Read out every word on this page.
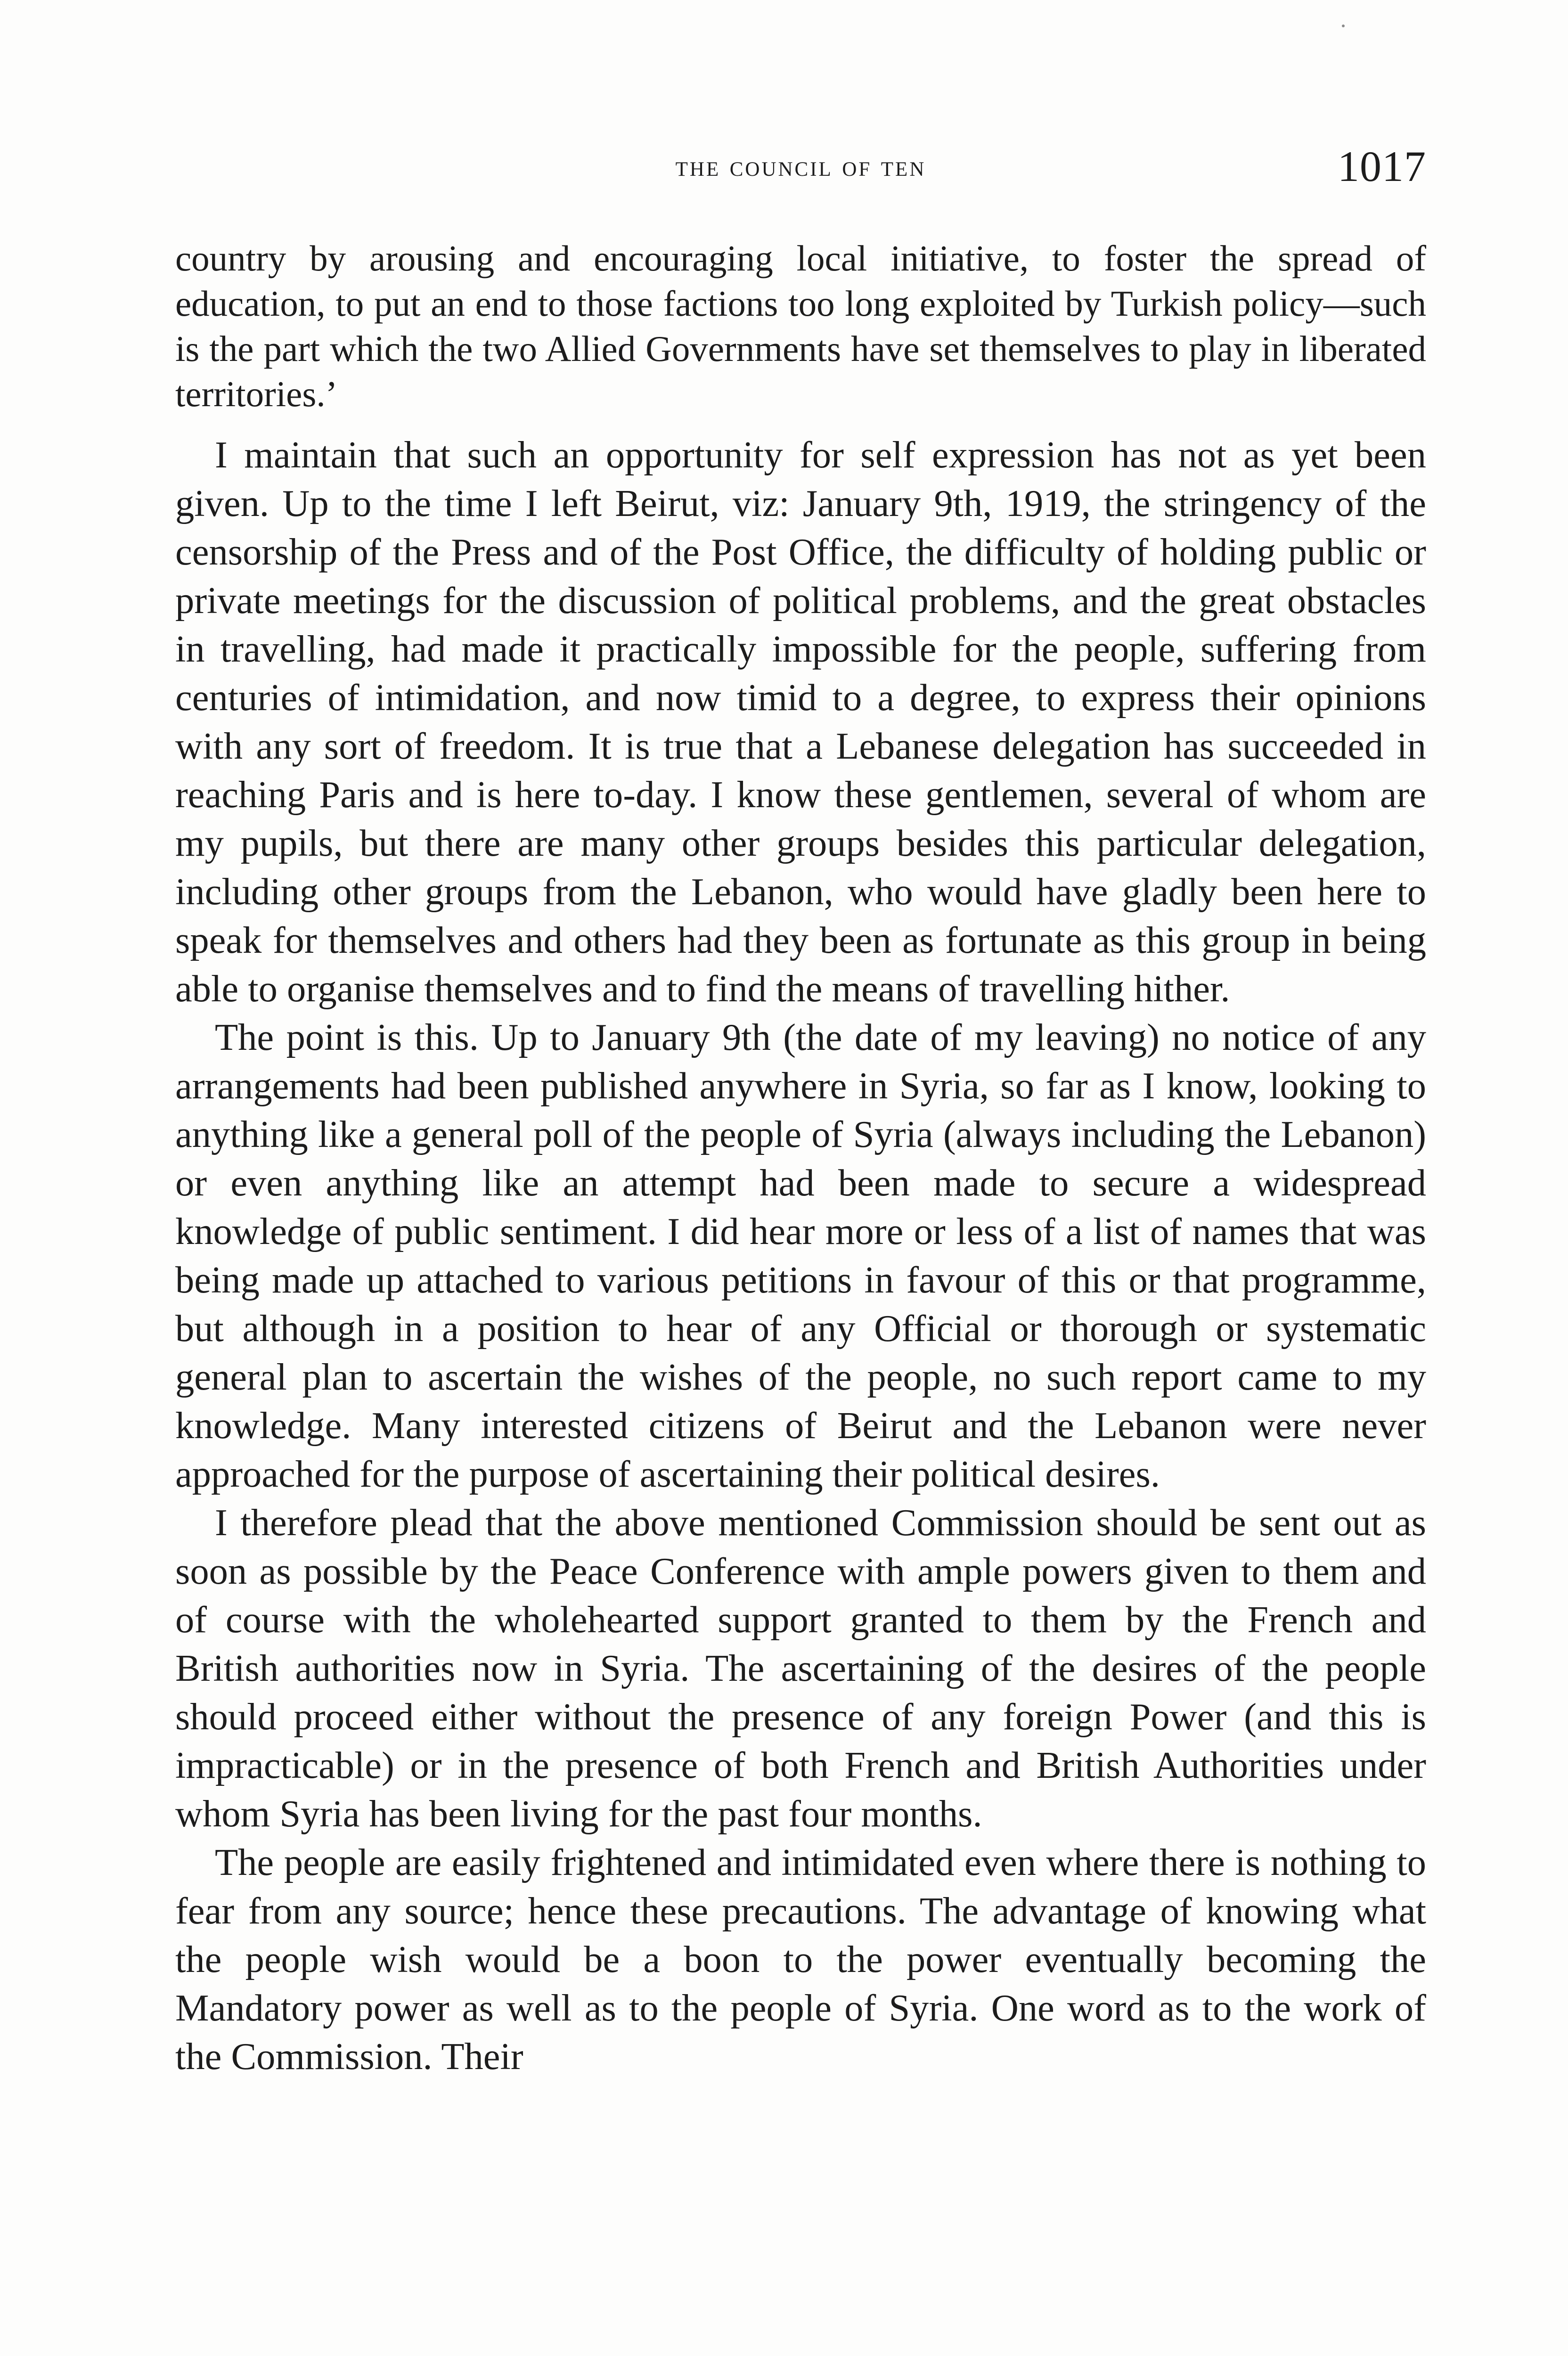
the council of ten	1017

country by arousing and encouraging local initiative, to foster the spread of education, to put an end to those factions too long exploited by Turkish policy—such is the part which the two Allied Governments have set themselves to play in liberated territories.’

I maintain that such an opportunity for self expression has not as yet been given. Up to the time I left Beirut, viz: January 9th, 1919, the stringency of the censorship of the Press and of the Post Office, the difficulty of holding public or private meetings for the discussion of political problems, and the great obstacles in travelling, had made it practically impossible for the people, suffering from centuries of intimidation, and now timid to a degree, to express their opinions with any sort of freedom. It is true that a Lebanese delegation has succeeded in reaching Paris and is here to-day. I know these gentlemen, several of whom are my pupils, but there are many other groups besides this particular delegation, including other groups from the Lebanon, who would have gladly been here to speak for themselves and others had they been as fortunate as this group in being able to organise themselves and to find the means of travelling hither.

The point is this. Up to January 9th (the date of my leaving) no notice of any arrangements had been published anywhere in Syria, so far as I know, looking to anything like a general poll of the people of Syria (always including the Lebanon) or even anything like an attempt had been made to secure a widespread knowledge of public sentiment. I did hear more or less of a list of names that was being made up attached to various petitions in favour of this or that programme, but although in a position to hear of any Official or thorough or systematic general plan to ascertain the wishes of the people, no such report came to my knowledge. Many interested citizens of Beirut and the Lebanon were never approached for the purpose of ascertaining their political desires.

I therefore plead that the above mentioned Commission should be sent out as soon as possible by the Peace Conference with ample powers given to them and of course with the wholehearted support granted to them by the French and British authorities now in Syria. The ascertaining of the desires of the people should proceed either without the presence of any foreign Power (and this is impracticable) or in the presence of both French and British Authorities under whom Syria has been living for the past four months.

The people are easily frightened and intimidated even where there is nothing to fear from any source; hence these precautions. The advantage of knowing what the people wish would be a boon to the power eventually becoming the Mandatory power as well as to the people of Syria. One word as to the work of the Commission. Their
